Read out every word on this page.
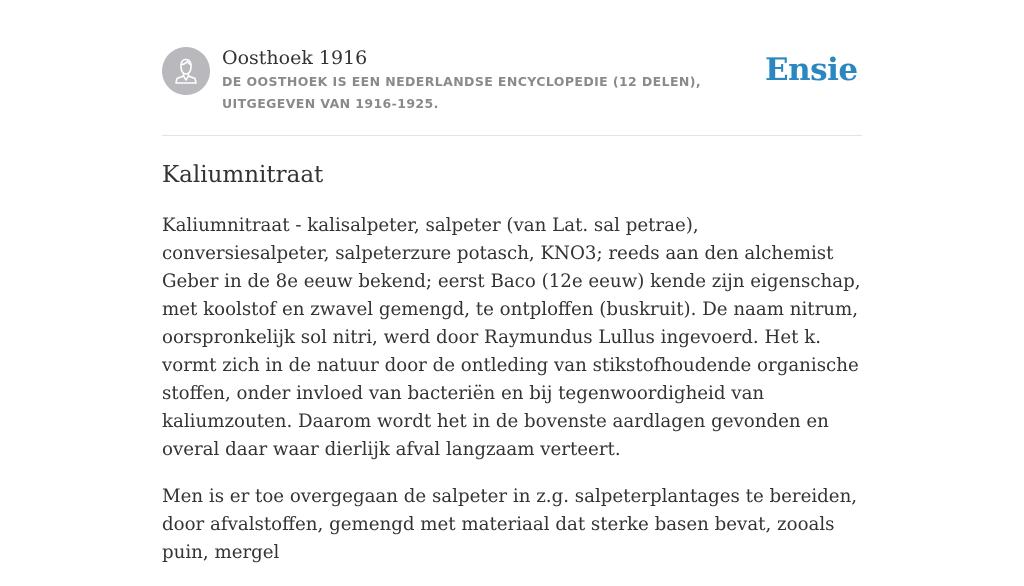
Oosthoek 1916
DE OOSTHOEK IS EEN NEDERLANDSE ENCYCLOPEDIE (12 DELEN), UITGEGEVEN VAN 1916-1925.
Ensie
Kaliumnitraat

Kaliumnitraat - kalisalpeter, salpeter (van Lat. sal petrae), conversiesalpeter, salpeterzure potasch, KNO3; reeds aan den alchemist Geber in de 8e eeuw bekend; eerst Baco (12e eeuw) kende zijn eigenschap, met koolstof en zwavel gemengd, te ontploffen (buskruit). De naam nitrum, oorspronkelijk sol nitri, werd door Raymundus Lullus ingevoerd. Het k. vormt zich in de natuur door de ontleding van stikstofhoudende organische stoffen, onder invloed van bacteriën en bij tegenwoordigheid van kaliumzouten. Daarom wordt het in de bovenste aardlagen gevonden en overal daar waar dierlijk afval langzaam verteert.

Men is er toe overgegaan de salpeter in z.g. salpeterplantages te bereiden, door afvalstoffen, gemengd met materiaal dat sterke basen bevat, zooals puin, mergel
